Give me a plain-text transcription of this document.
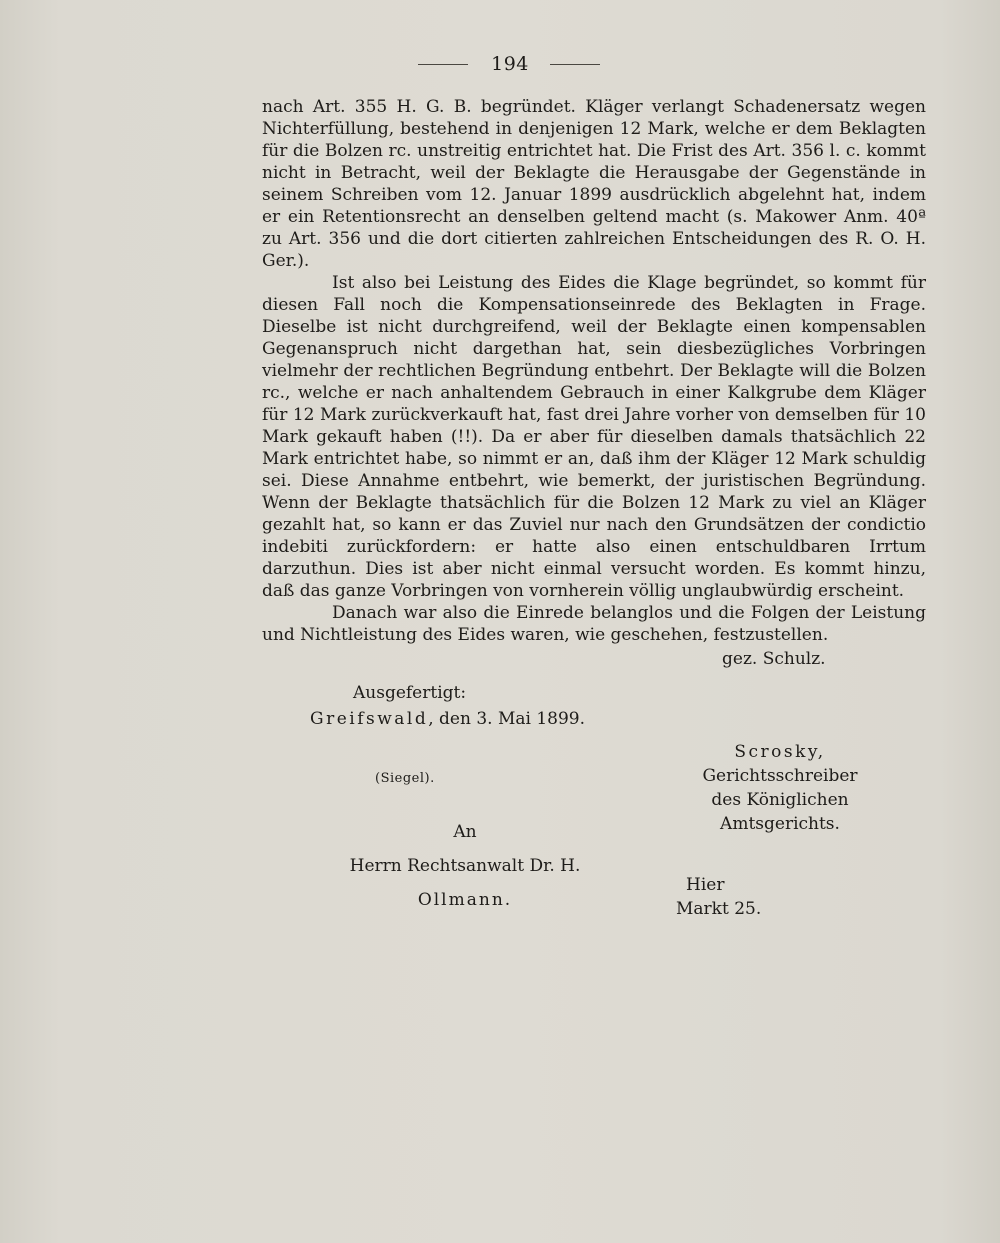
194

nach Art. 355 H. G. B. begründet. Kläger verlangt Schadenersatz wegen Nichterfüllung, bestehend in denjenigen 12 Mark, welche er dem Beklagten für die Bolzen rc. unstreitig entrichtet hat. Die Frist des Art. 356 l. c. kommt nicht in Betracht, weil der Beklagte die Herausgabe der Gegenstände in seinem Schreiben vom 12. Januar 1899 ausdrücklich abgelehnt hat, indem er ein Retentionsrecht an denselben geltend macht (s. Makower Anm. 40ª zu Art. 356 und die dort citierten zahlreichen Entscheidungen des R. O. H. Ger.).

Ist also bei Leistung des Eides die Klage begründet, so kommt für diesen Fall noch die Kompensationseinrede des Beklagten in Frage. Dieselbe ist nicht durchgreifend, weil der Beklagte einen kompensablen Gegenanspruch nicht dargethan hat, sein diesbezügliches Vorbringen vielmehr der rechtlichen Begründung entbehrt. Der Beklagte will die Bolzen rc., welche er nach anhaltendem Gebrauch in einer Kalkgrube dem Kläger für 12 Mark zurückverkauft hat, fast drei Jahre vorher von demselben für 10 Mark gekauft haben (!!). Da er aber für dieselben damals thatsächlich 22 Mark entrichtet habe, so nimmt er an, daß ihm der Kläger 12 Mark schuldig sei. Diese Annahme entbehrt, wie bemerkt, der juristischen Begründung. Wenn der Beklagte thatsächlich für die Bolzen 12 Mark zu viel an Kläger gezahlt hat, so kann er das Zuviel nur nach den Grundsätzen der condictio indebiti zurückfordern: er hatte also einen entschuldbaren Irrtum darzuthun. Dies ist aber nicht einmal versucht worden. Es kommt hinzu, daß das ganze Vorbringen von vornherein völlig unglaubwürdig erscheint.

Danach war also die Einrede belanglos und die Folgen der Leistung und Nichtleistung des Eides waren, wie geschehen, festzustellen.

gez. Schulz.
Ausgefertigt:
Greifswald, den 3. Mai 1899.
(Siegel).
Scrosky,
Gerichtsschreiber
des Königlichen Amtsgerichts.
An
Herrn Rechtsanwalt Dr. H. Ollmann.
Hier
Markt 25.
